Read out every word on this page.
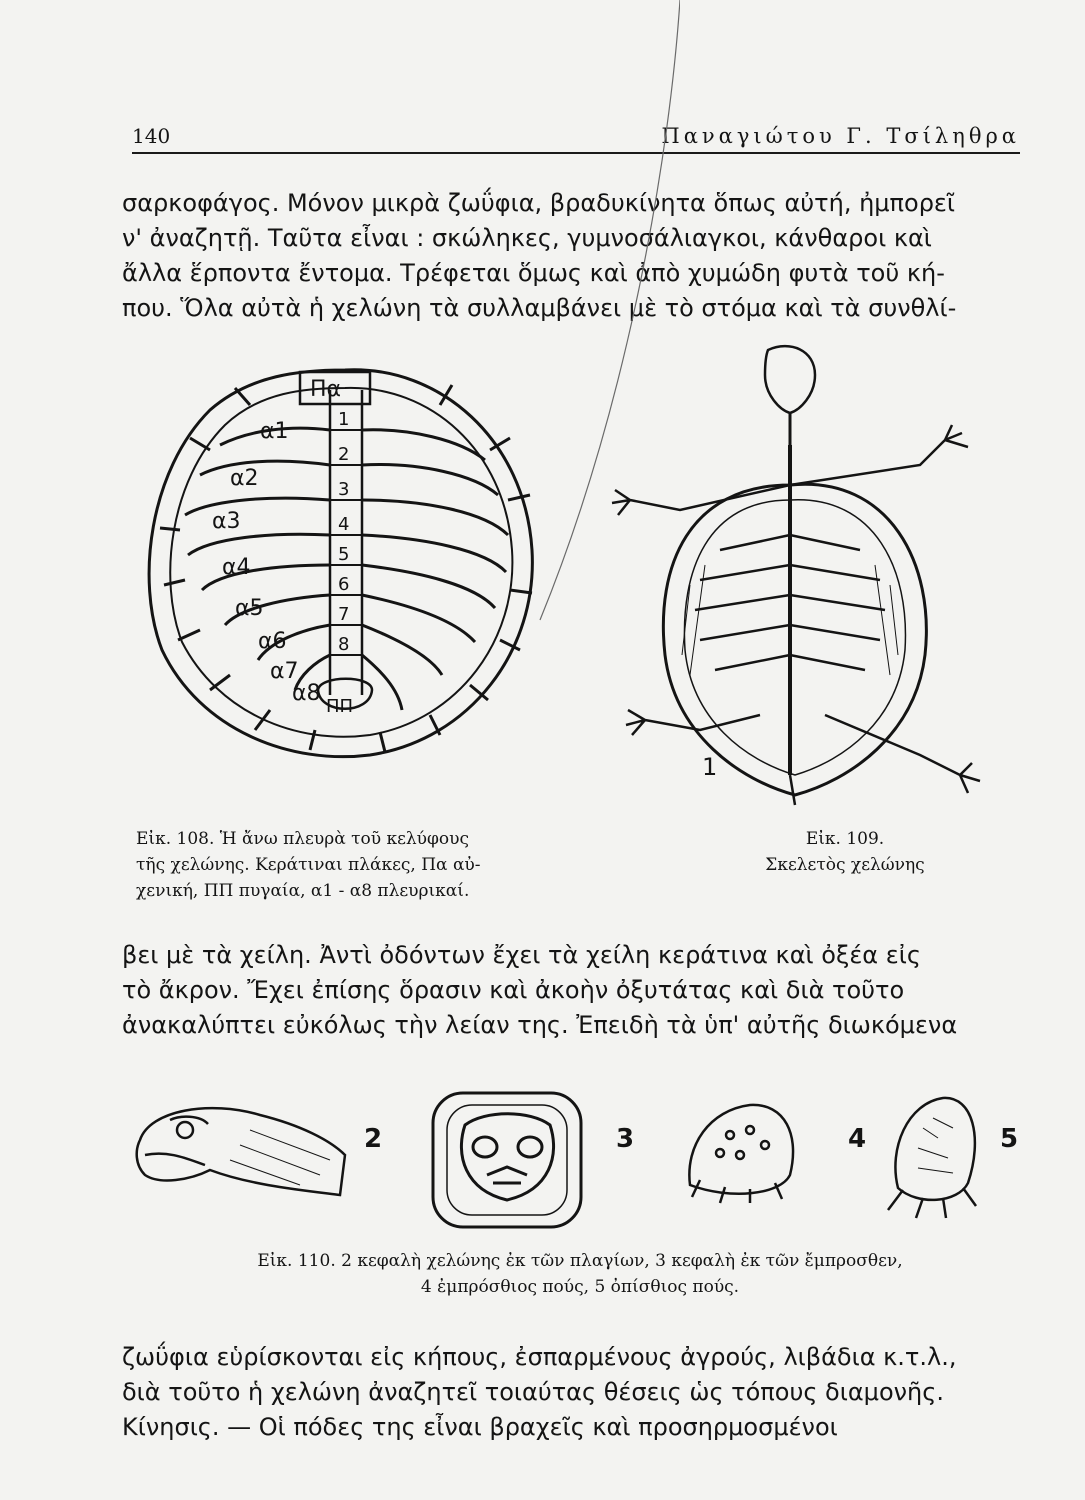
140	Παναγιώτου Γ. Τσίληθρα

σαρκοφάγος. Μόνον μικρὰ ζωΰφια, βραδυκίνητα ὅπως αὐτή, ἠμπορεῖ
ν' ἀναζητῇ. Ταῦτα εἶναι : σκώληκες, γυμνοσάλιαγκοι, κάνθαροι καὶ
ἄλλα ἕρποντα ἔντομα. Τρέφεται ὅμως καὶ ἀπὸ χυμώδη φυτὰ τοῦ κή-
που. Ὅλα αὐτὰ ἡ χελώνη τὰ συλλαμβάνει μὲ τὸ στόμα καὶ τὰ συνθλί-

Πα
α1
α2
α3
α4
α5
α6
α7
α8
ΠΠ
1
2
3
4
5
6
7
8
1

Εἰκ. 108. Ἡ ἄνω πλευρὰ τοῦ κελύφους
τῆς χελώνης. Κεράτιναι πλάκες, Πα αὐ-
χενική, ΠΠ πυγαία, α1 - α8 πλευρικαί.

Εἰκ. 109.
Σκελετὸς χελώνης

βει μὲ τὰ χείλη. Ἀντὶ ὀδόντων ἔχει τὰ χείλη κεράτινα καὶ ὀξέα εἰς
τὸ ἄκρον. Ἔχει ἐπίσης ὅρασιν καὶ ἀκοὴν ὀξυτάτας καὶ διὰ τοῦτο
ἀνακαλύπτει εὐκόλως τὴν λείαν της. Ἐπειδὴ τὰ ὑπ' αὐτῆς διωκόμενα

2	3	4	5

Εἰκ. 110. 2 κεφαλὴ χελώνης ἐκ τῶν πλαγίων, 3 κεφαλὴ ἐκ τῶν ἔμπροσθεν,
4 ἐμπρόσθιος πούς, 5 ὀπίσθιος πούς.

ζωΰφια εὑρίσκονται εἰς κήπους, ἐσπαρμένους ἀγρούς, λιβάδια κ.τ.λ.,
διὰ τοῦτο ἡ χελώνη ἀναζητεῖ τοιαύτας θέσεις ὡς τόπους διαμονῆς.
Κίνησις. — Οἱ πόδες της εἶναι βραχεῖς καὶ προσηρμοσμένοι
